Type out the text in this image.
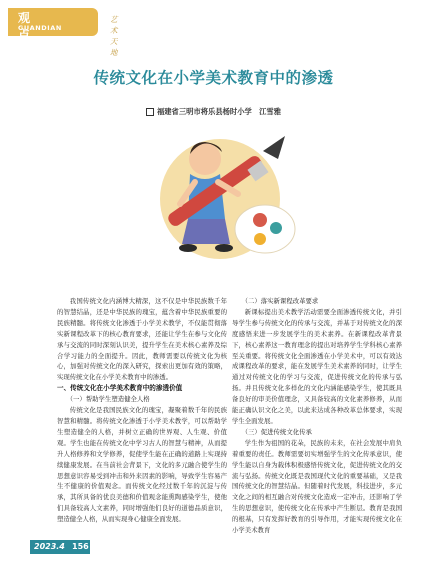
观 点
GUANDIAN
艺术天地
传统文化在小学美术教育中的渗透
福建省三明市将乐县杨时小学　江雪雅

我国传统文化内涵博大精深，这不仅是中华民族数千年的智慧结晶，还是中华民族的瑰宝，蕴含着中华民族重要的民族精髓。将传统文化渗透于小学美术教学，不仅能贯彻落实新课程改革下的核心教育要求，还能让学生在参与文化传承与交流的同时深刻认识美，提升学生在美术核心素养及综合学习能力的全面提升。因此，教师需要以传统文化为核心，加强对传统文化的深入研究，探索出更加有效的策略，实现传统文化在小学美术教育中的渗透。

一、传统文化在小学美术教育中的渗透价值
（一）帮助学生塑造健全人格

传统文化是我国民族文化的瑰宝，凝聚着数千年的民族智慧和精髓。将传统文化渗透于小学美术教学，可以帮助学生塑造健全的人格，并树立正确的世界观、人生观、价值观。学生也能在传统文化中学习古人的智慧与精神，从而提升人格修养和文学修养，促使学生能在正确的道路上实现持续健康发展。在当前社会背景下，文化的多元融合使学生的思想意识容易受到冲击和外来因素的影响，导致学生容易产生不健康的价值观念。而传统文化经过数千年的沉淀与传承，其所具备的优良美德和价值观念能熏陶感染学生，使他们具备较高人文素养，同时增强他们良好的道德品质意识，塑造健全人格，从而实现身心健康全面发展。

（二）落实新课程改革要求

新课标提出美术教学活动需要全面渗透传统文化，并引导学生参与传统文化的传承与交流，并基于对传统文化的深度感悟来进一步发展学生的美术素养。在新课程改革背景下，核心素养这一教育理念的提出对培养学生学科核心素养至关重要。将传统文化全面渗透在小学美术中，可以有效达成课程改革的要求，能在发展学生美术素养的同时，让学生通过对传统文化的学习与交流，促进传统文化的传承与弘扬。并且传统文化多样化的文化内涵能感染学生，使其既具备良好的审美价值理念，又具备较高的文化素养修养，从而能正确认识文化之美，以此来达成各种改革总体要求，实现学生全面发展。

（三）促进传统文化传承

学生作为祖国的花朵，民族的未来，在社会发展中肩负着重要的责任。教师需要切实增强学生的文化传承意识，使学生能以自身为载体积极感悟传统文化，促进传统文化的交流与弘扬。传统文化既是我国现代文化的重要基础，又是我国传统文化的智慧结晶。但随着时代发展，科技进步，多元文化之间的相互融合对传统文化造成一定冲击，还影响了学生的思想意识，使传统文化在传承中产生断层。教育是我国的根基，只有发挥好教育的引导作用，才能实现传统文化在小学美术教育

2023.4 156
